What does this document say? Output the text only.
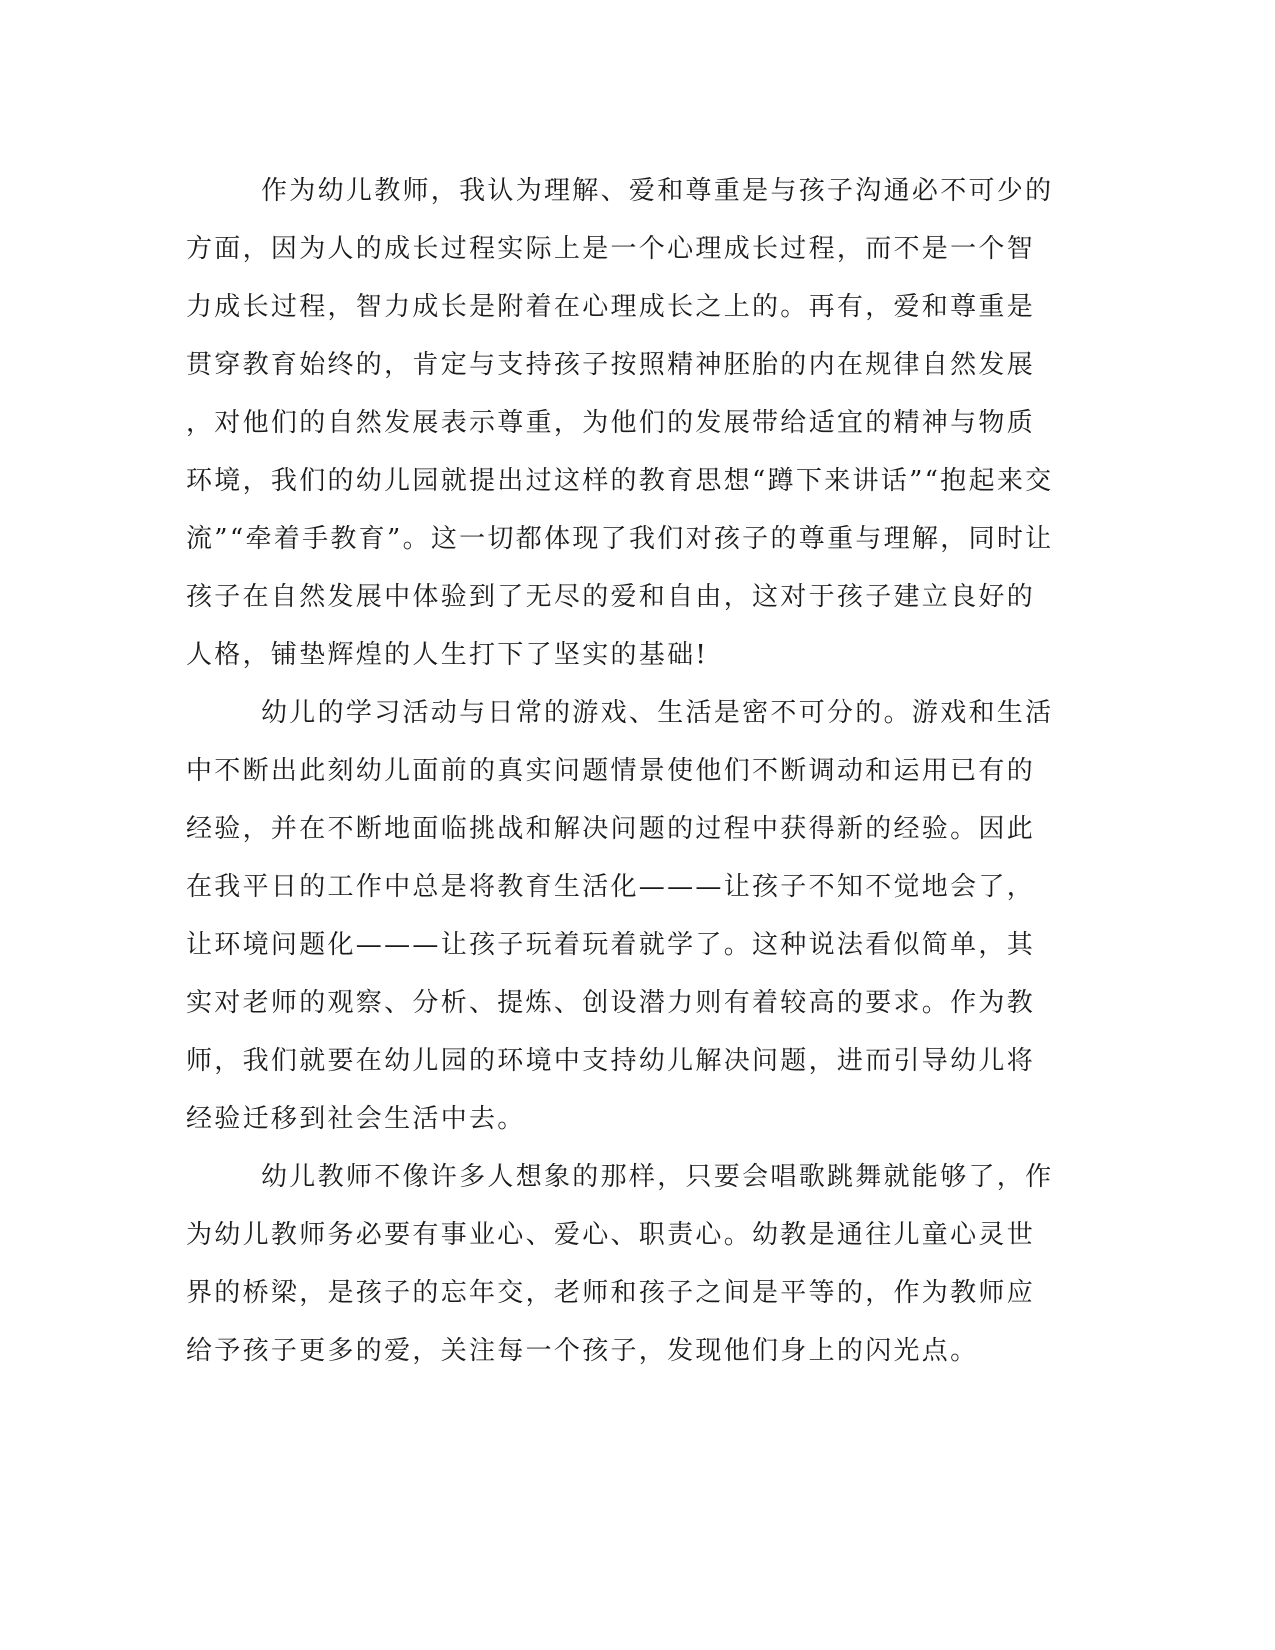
作为幼儿教师，我认为理解、爱和尊重是与孩子沟通必不可少的
方面，因为人的成长过程实际上是一个心理成长过程，而不是一个智
力成长过程，智力成长是附着在心理成长之上的。再有，爱和尊重是
贯穿教育始终的，肯定与支持孩子按照精神胚胎的内在规律自然发展
，对他们的自然发展表示尊重，为他们的发展带给适宜的精神与物质
环境，我们的幼儿园就提出过这样的教育思想“蹲下来讲话”“抱起来交
流”“牵着手教育”。这一切都体现了我们对孩子的尊重与理解，同时让
孩子在自然发展中体验到了无尽的爱和自由，这对于孩子建立良好的
人格，铺垫辉煌的人生打下了坚实的基础!
幼儿的学习活动与日常的游戏、生活是密不可分的。游戏和生活
中不断出此刻幼儿面前的真实问题情景使他们不断调动和运用已有的
经验，并在不断地面临挑战和解决问题的过程中获得新的经验。因此
在我平日的工作中总是将教育生活化———让孩子不知不觉地会了，
让环境问题化———让孩子玩着玩着就学了。这种说法看似简单，其
实对老师的观察、分析、提炼、创设潜力则有着较高的要求。作为教
师，我们就要在幼儿园的环境中支持幼儿解决问题，进而引导幼儿将
经验迁移到社会生活中去。
幼儿教师不像许多人想象的那样，只要会唱歌跳舞就能够了，作
为幼儿教师务必要有事业心、爱心、职责心。幼教是通往儿童心灵世
界的桥梁，是孩子的忘年交，老师和孩子之间是平等的，作为教师应
给予孩子更多的爱，关注每一个孩子，发现他们身上的闪光点。
